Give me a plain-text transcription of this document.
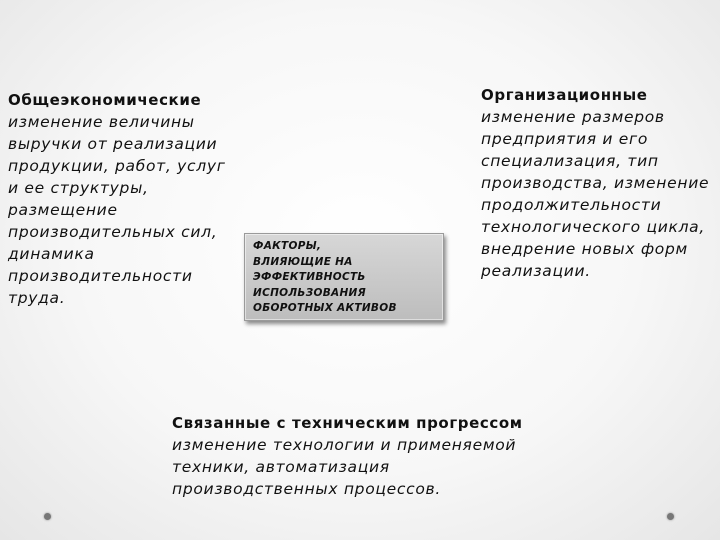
Общеэкономические

изменение величины выручки от реализации продукции, работ, услуг и ее структуры, размещение производительных сил, динамика производительности труда.

Организационные

изменение размеров предприятия и его специализация, тип производства, изменение продолжительности технологического цикла, внедрение новых форм реализации.

ФАКТОРЫ,
ВЛИЯЮЩИЕ НА
ЭФФЕКТИВНОСТЬ
ИСПОЛЬЗОВАНИЯ
ОБОРОТНЫХ АКТИВОВ

Связанные с техническим прогрессом

изменение технологии и применяемой техники, автоматизация производственных процессов.
